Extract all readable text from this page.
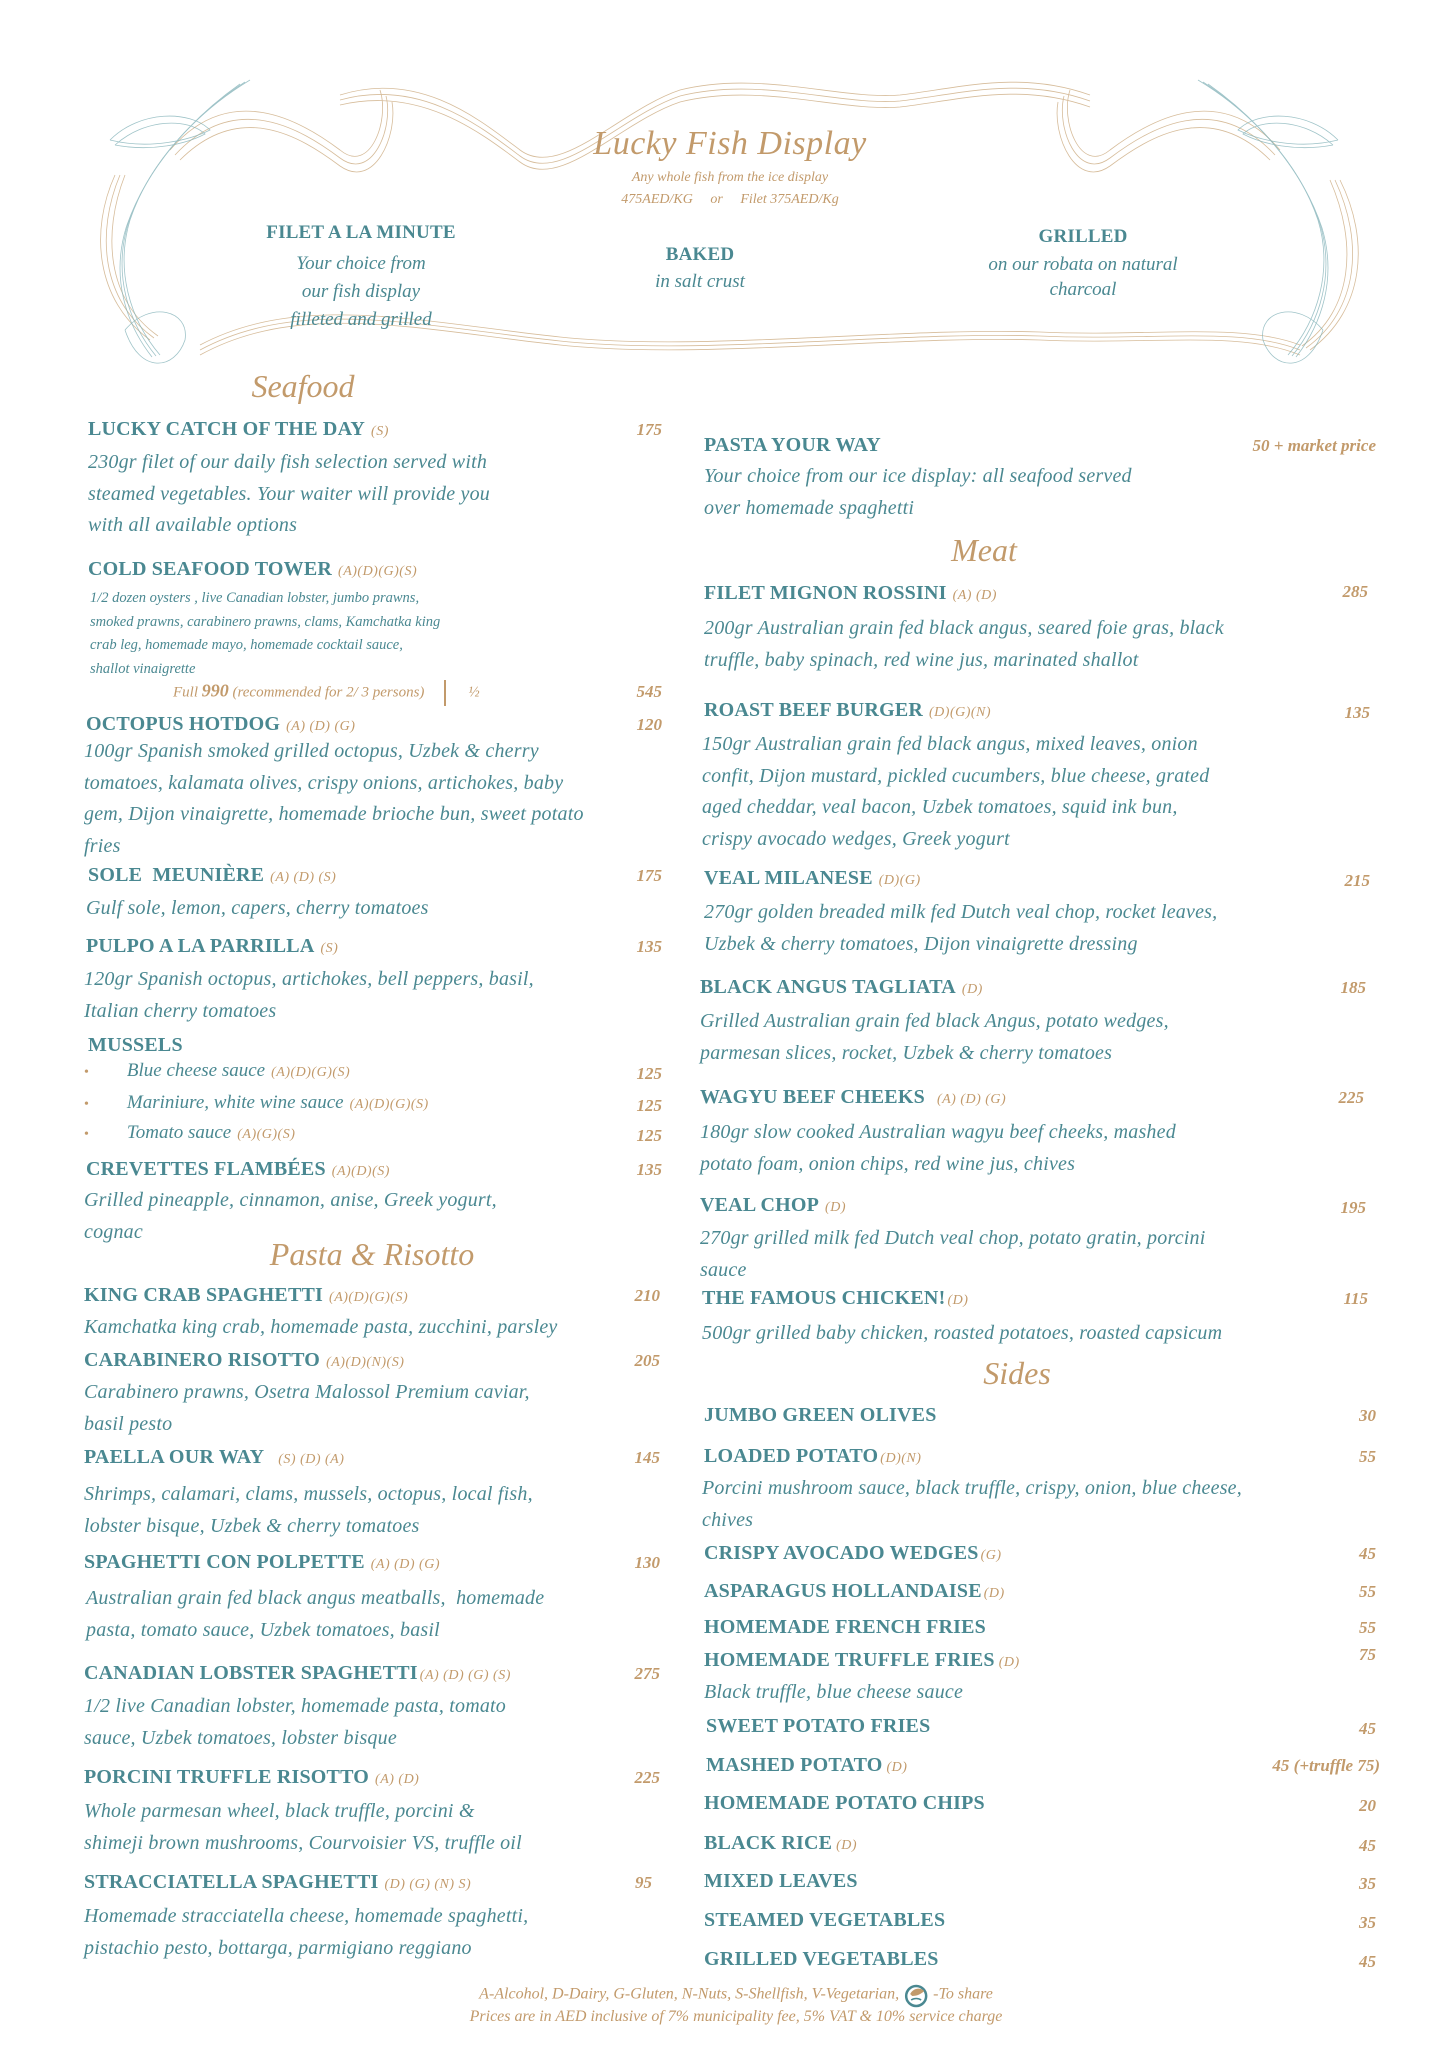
Lucky Fish Display
Any whole fish from the ice display
475AED/KG or Filet 375AED/Kg
FILET A LA MINUTE
Your choice from
our fish display
filleted and grilled
BAKED
in salt crust
GRILLED
on our robata on natural
charcoal
Seafood
LUCKY CATCH OF THE DAY (S)	175
230gr filet of our daily fish selection served with
steamed vegetables. Your waiter will provide you
with all available options
COLD SEAFOOD TOWER (A)(D)(G)(S)
1/2 dozen oysters , live Canadian lobster, jumbo prawns,
smoked prawns, carabinero prawns, clams, Kamchatka king
crab leg, homemade mayo, homemade cocktail sauce,
shallot vinaigrette
Full 990 (recommended for 2/ 3 persons)	½	545
OCTOPUS HOTDOG (A) (D) (G)	120
100gr Spanish smoked grilled octopus, Uzbek & cherry
tomatoes, kalamata olives, crispy onions, artichokes, baby
gem, Dijon vinaigrette, homemade brioche bun, sweet potato
fries
SOLE  MEUNIÈRE (A) (D) (S)	175
Gulf sole, lemon, capers, cherry tomatoes
PULPO A LA PARRILLA (S)	135
120gr Spanish octopus, artichokes, bell peppers, basil,
Italian cherry tomatoes
MUSSELS
• Blue cheese sauce (A)(D)(G)(S)	125
• Mariniure, white wine sauce (A)(D)(G)(S)	125
• Tomato sauce (A)(G)(S)	125
CREVETTES FLAMBÉES (A)(D)(S)	135
Grilled pineapple, cinnamon, anise, Greek yogurt,
cognac
Pasta & Risotto
KING CRAB SPAGHETTI (A)(D)(G)(S)	210
Kamchatka king crab, homemade pasta, zucchini, parsley
CARABINERO RISOTTO (A)(D)(N)(S)	205
Carabinero prawns, Osetra Malossol Premium caviar,
basil pesto
PAELLA OUR WAY (S) (D) (A)	145
Shrimps, calamari, clams, mussels, octopus, local fish,
lobster bisque, Uzbek & cherry tomatoes
SPAGHETTI CON POLPETTE (A) (D) (G)	130
Australian grain fed black angus meatballs,  homemade
pasta, tomato sauce, Uzbek tomatoes, basil
CANADIAN LOBSTER SPAGHETTI (A) (D) (G) (S)	275
1/2 live Canadian lobster, homemade pasta, tomato
sauce, Uzbek tomatoes, lobster bisque
PORCINI TRUFFLE RISOTTO (A) (D)	225
Whole parmesan wheel, black truffle, porcini &
shimeji brown mushrooms, Courvoisier VS, truffle oil
STRACCIATELLA SPAGHETTI (D) (G) (N) S)	95
Homemade stracciatella cheese, homemade spaghetti,
pistachio pesto, bottarga, parmigiano reggiano
PASTA YOUR WAY	50 + market price
Your choice from our ice display: all seafood served
over homemade spaghetti
Meat
FILET MIGNON ROSSINI (A) (D)	285
200gr Australian grain fed black angus, seared foie gras, black
truffle, baby spinach, red wine jus, marinated shallot
ROAST BEEF BURGER (D)(G)(N)	135
150gr Australian grain fed black angus, mixed leaves, onion
confit, Dijon mustard, pickled cucumbers, blue cheese, grated
aged cheddar, veal bacon, Uzbek tomatoes, squid ink bun,
crispy avocado wedges, Greek yogurt
VEAL MILANESE (D)(G)	215
270gr golden breaded milk fed Dutch veal chop, rocket leaves,
Uzbek & cherry tomatoes, Dijon vinaigrette dressing
BLACK ANGUS TAGLIATA (D)	185
Grilled Australian grain fed black Angus, potato wedges,
parmesan slices, rocket, Uzbek & cherry tomatoes
WAGYU BEEF CHEEKS (A) (D) (G)	225
180gr slow cooked Australian wagyu beef cheeks, mashed
potato foam, onion chips, red wine jus, chives
VEAL CHOP (D)	195
270gr grilled milk fed Dutch veal chop, potato gratin, porcini
sauce
THE FAMOUS CHICKEN! (D)	115
500gr grilled baby chicken, roasted potatoes, roasted capsicum
Sides
JUMBO GREEN OLIVES	30
LOADED POTATO (D)(N)	55
Porcini mushroom sauce, black truffle, crispy, onion, blue cheese,
chives
CRISPY AVOCADO WEDGES (G)	45
ASPARAGUS HOLLANDAISE (D)	55
HOMEMADE FRENCH FRIES	55
HOMEMADE TRUFFLE FRIES (D)	75
Black truffle, blue cheese sauce
SWEET POTATO FRIES	45
MASHED POTATO (D)	45 (+truffle 75)
HOMEMADE POTATO CHIPS	20
BLACK RICE (D)	45
MIXED LEAVES	35
STEAMED VEGETABLES	35
GRILLED VEGETABLES	45
A-Alcohol, D-Dairy, G-Gluten, N-Nuts, S-Shellfish, V-Vegetarian, -To share
Prices are in AED inclusive of 7% municipality fee, 5% VAT & 10% service charge
